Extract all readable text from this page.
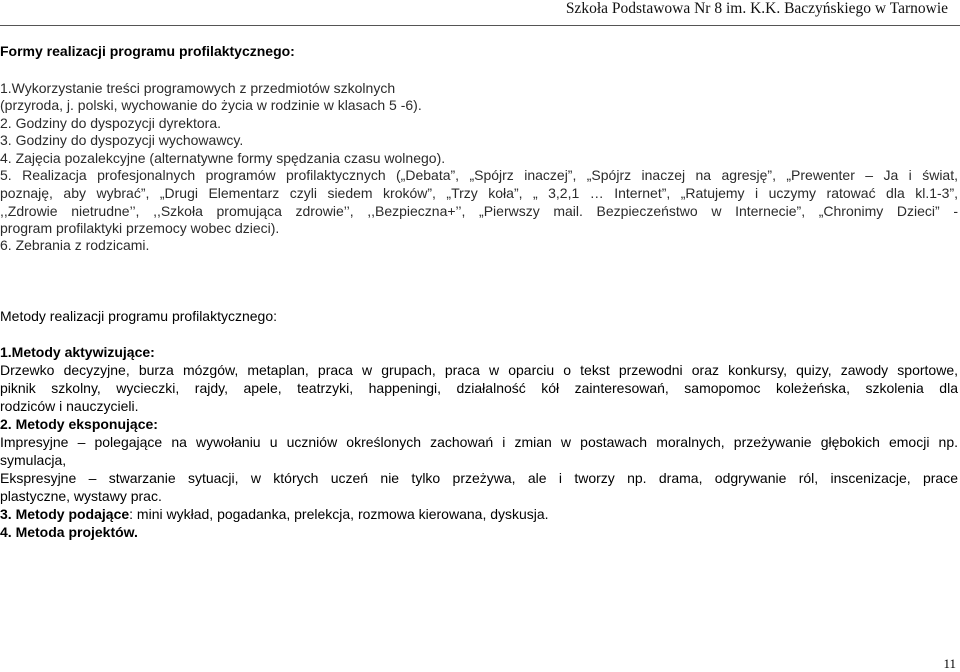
Szkoła Podstawowa Nr 8 im. K.K. Baczyńskiego w Tarnowie
Formy realizacji programu profilaktycznego:
1.Wykorzystanie treści programowych z przedmiotów szkolnych
(przyroda, j. polski, wychowanie do życia w rodzinie w klasach 5 -6).
2. Godziny do dyspozycji dyrektora.
3. Godziny do dyspozycji wychowawcy.
4. Zajęcia pozalekcyjne (alternatywne formy spędzania czasu wolnego).
5. Realizacja profesjonalnych programów profilaktycznych („Debata”, „Spójrz inaczej”, „Spójrz inaczej na agresję”, „Prewenter – Ja i świat,
poznaję, aby wybrać”, „Drugi Elementarz czyli siedem kroków”, „Trzy koła”, „ 3,2,1 … Internet”, „Ratujemy i uczymy ratować dla kl.1-3”,
,,Zdrowie nietrudne’’, ,,Szkoła promująca zdrowie’’, ,,Bezpieczna+’’, „Pierwszy mail. Bezpieczeństwo w Internecie”, „Chronimy Dzieci” -
program profilaktyki przemocy wobec dzieci).
6. Zebrania z rodzicami.
Metody realizacji programu profilaktycznego:
1.Metody aktywizujące:
Drzewko decyzyjne, burza mózgów, metaplan, praca w grupach, praca w oparciu o tekst przewodni oraz konkursy, quizy, zawody sportowe,
piknik szkolny, wycieczki, rajdy, apele, teatrzyki, happeningi, działalność kół zainteresowań, samopomoc koleżeńska, szkolenia dla
rodziców i nauczycieli.
2. Metody eksponujące:
Impresyjne – polegające na wywołaniu u uczniów określonych zachowań i zmian w postawach moralnych, przeżywanie głębokich emocji np.
symulacja,
Ekspresyjne – stwarzanie sytuacji, w których uczeń nie tylko przeżywa, ale i tworzy np. drama, odgrywanie ról, inscenizacje, prace
plastyczne, wystawy prac.
3. Metody podające: mini wykład, pogadanka, prelekcja, rozmowa kierowana, dyskusja.
4. Metoda projektów.
11
